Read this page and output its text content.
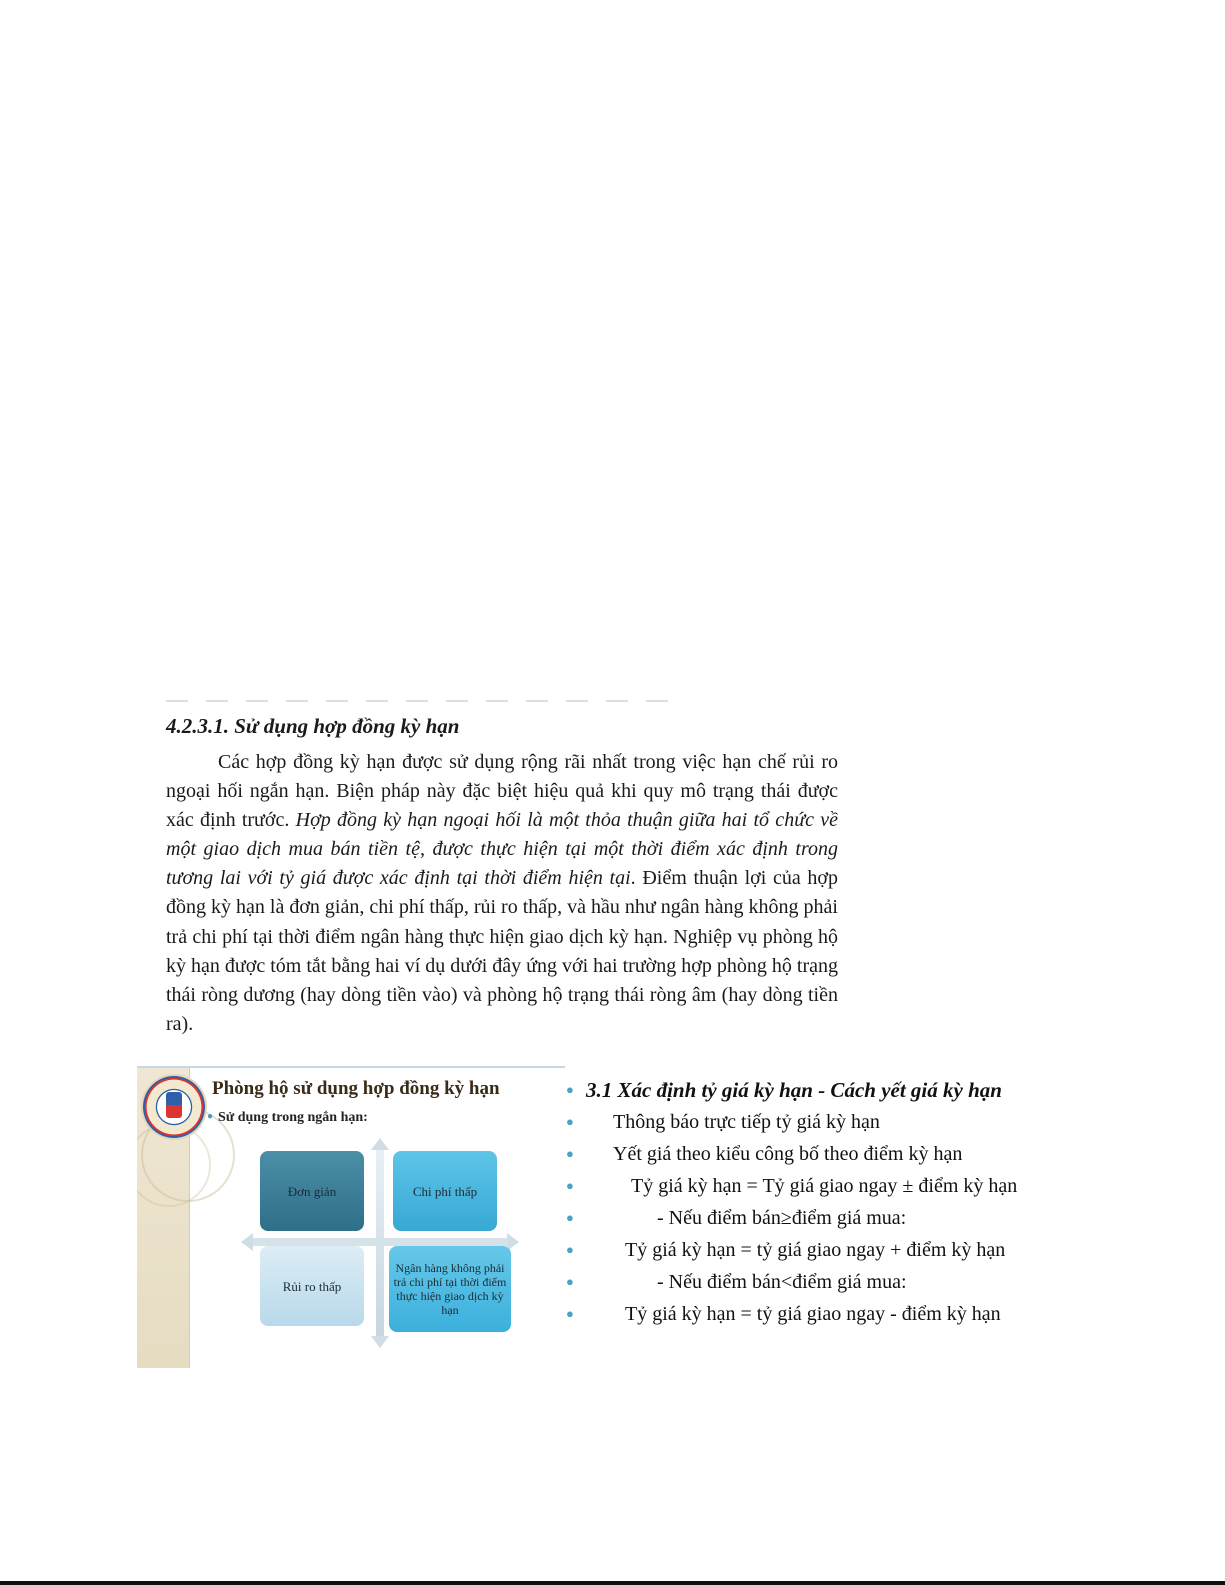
4.2.3.1. Sử dụng hợp đồng kỳ hạn

Các hợp đồng kỳ hạn được sử dụng rộng rãi nhất trong việc hạn chế rủi ro ngoại hối ngắn hạn. Biện pháp này đặc biệt hiệu quả khi quy mô trạng thái được xác định trước. Hợp đồng kỳ hạn ngoại hối là một thỏa thuận giữa hai tổ chức về một giao dịch mua bán tiền tệ, được thực hiện tại một thời điểm xác định trong tương lai với tỷ giá được xác định tại thời điểm hiện tại. Điểm thuận lợi của hợp đồng kỳ hạn là đơn giản, chi phí thấp, rủi ro thấp, và hầu như ngân hàng không phải trả chi phí tại thời điểm ngân hàng thực hiện giao dịch kỳ hạn. Nghiệp vụ phòng hộ kỳ hạn được tóm tắt bằng hai ví dụ dưới đây ứng với hai trường hợp phòng hộ trạng thái ròng dương (hay dòng tiền vào) và phòng hộ trạng thái ròng âm (hay dòng tiền ra).

Phòng hộ sử dụng hợp đồng kỳ hạn
● Sử dụng trong ngắn hạn:
Đơn giản	Chi phí thấp
Rủi ro thấp
Ngân hàng không phải trả chi phí tại thời điểm thực hiện giao dịch kỳ hạn
● 3.1 Xác định tỷ giá kỳ hạn - Cách yết giá kỳ hạn
● Thông báo trực tiếp tỷ giá kỳ hạn
● Yết giá theo kiểu công bố theo điểm kỳ hạn
●	Tỷ giá kỳ hạn = Tỷ giá giao ngay ± điểm kỳ hạn
●	- Nếu điểm bán≥điểm giá mua:
●	Tỷ giá kỳ hạn = tỷ giá giao ngay + điểm kỳ hạn
●	- Nếu điểm bán<điểm giá mua:
●	Tỷ giá kỳ hạn = tỷ giá giao ngay - điểm kỳ hạn
